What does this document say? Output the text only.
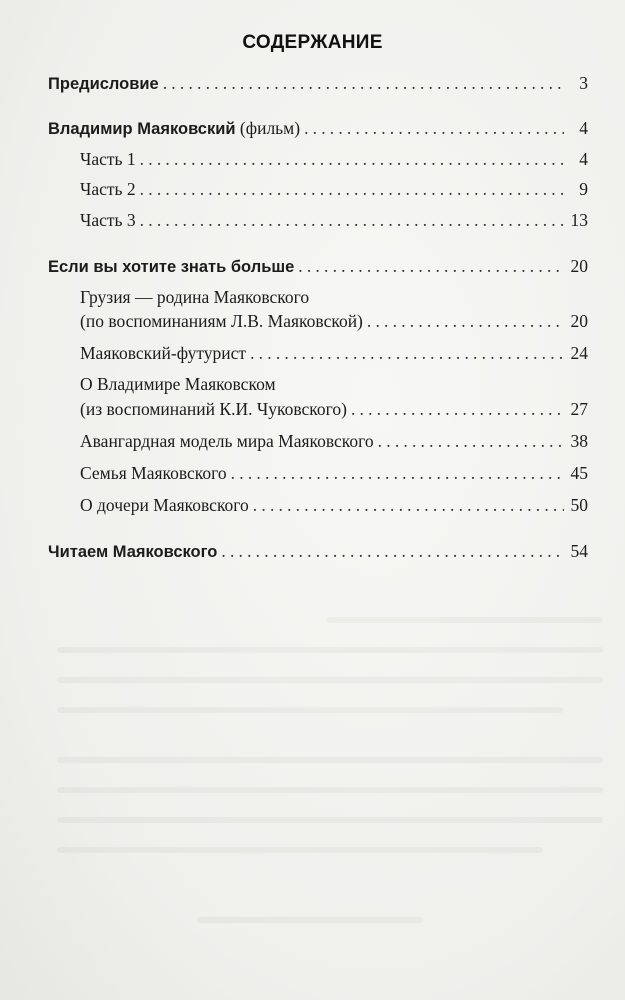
СОДЕРЖАНИЕ
Предисловие .....	3
Владимир Маяковский (фильм) .....	4
Часть 1 .....	4
Часть 2 .....	9
Часть 3 .....	13
Если вы хотите знать больше .....	20
Грузия — родина Маяковского
(по воспоминаниям Л.В. Маяковской) .....	20
Маяковский-футурист .....	24
О Владимире Маяковском
(из воспоминаний К.И. Чуковского) .....	27
Авангардная модель мира Маяковского .....	38
Семья Маяковского .....	45
О дочери Маяковского .....	50
Читаем Маяковского .....	54
